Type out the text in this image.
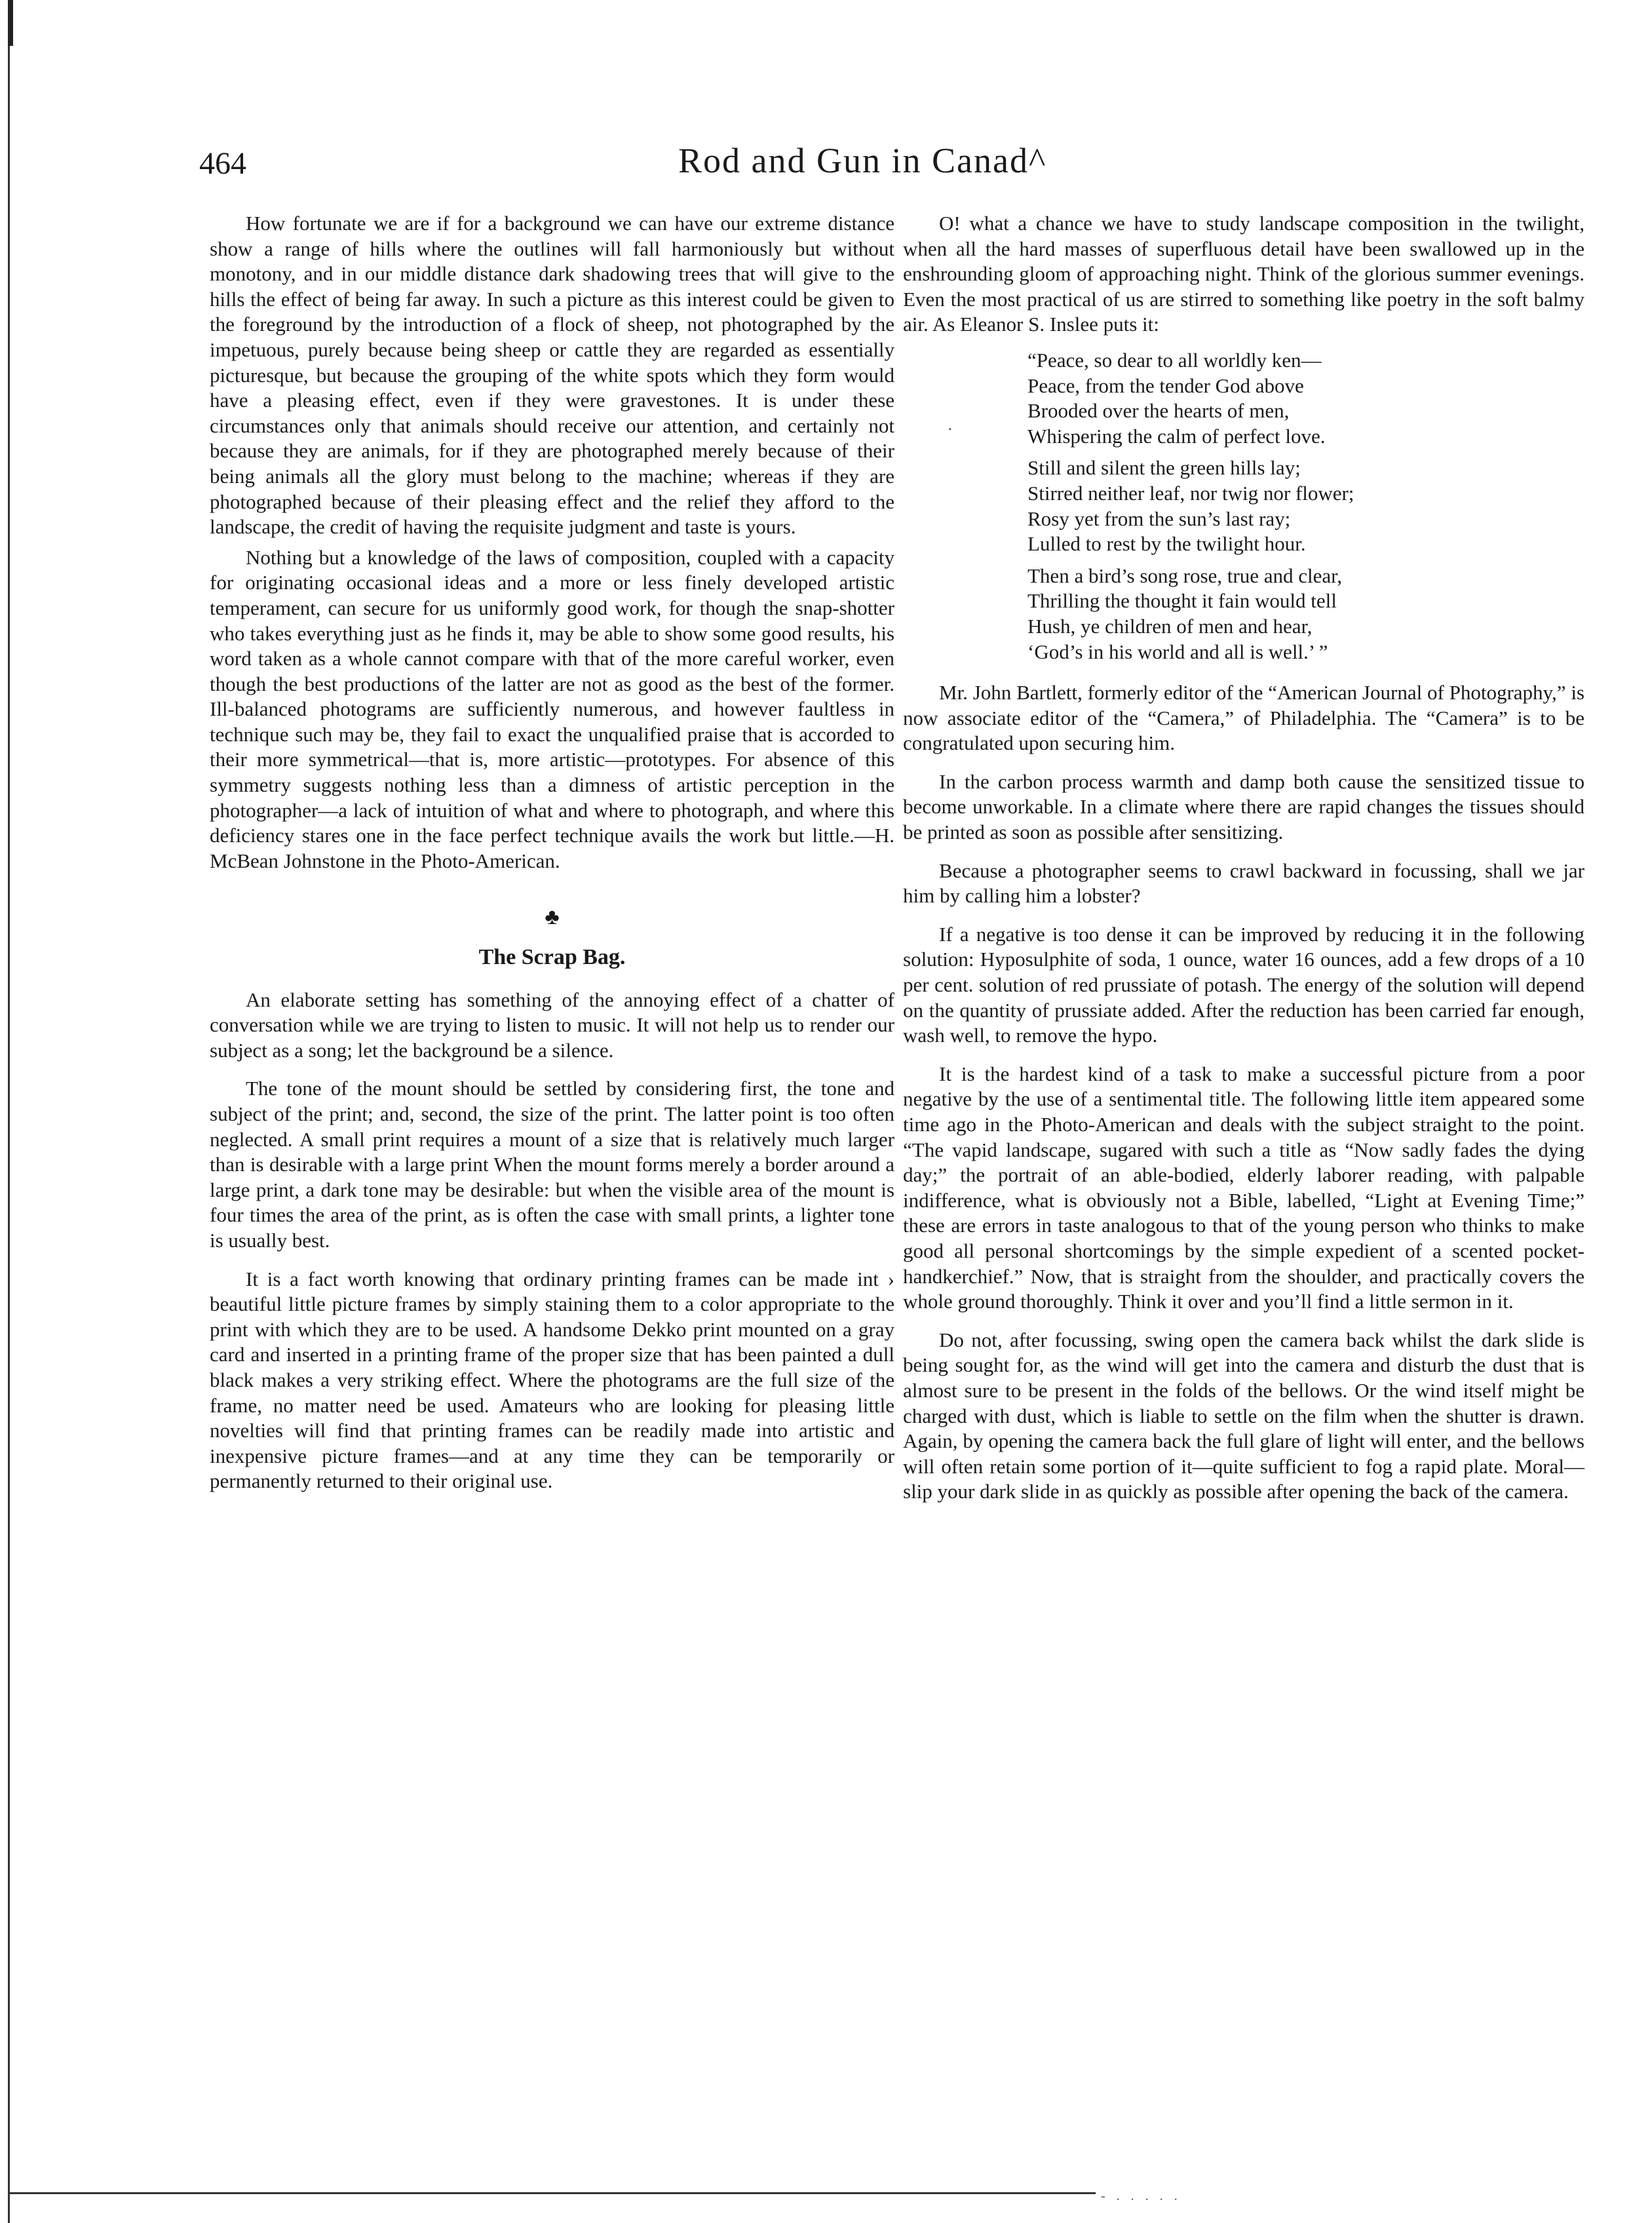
464	Rod and Gun in Canad^

How fortunate we are if for a background we can have our extreme distance show a range of hills where the outlines will fall harmoniously but without monotony, and in our middle distance dark shadowing trees that will give to the hills the effect of being far away. In such a picture as this interest could be given to the foreground by the introduction of a flock of sheep, not photographed by the impetuous, purely because being sheep or cattle they are regarded as essentially picturesque, but because the grouping of the white spots which they form would have a pleasing effect, even if they were gravestones. It is under these circumstances only that animals should receive our attention, and certainly not because they are animals, for if they are photographed merely because of their being animals all the glory must belong to the machine; whereas if they are photographed because of their pleasing effect and the relief they afford to the landscape, the credit of having the requisite judgment and taste is yours.

Nothing but a knowledge of the laws of composition, coupled with a capacity for originating occasional ideas and a more or less finely developed artistic temperament, can secure for us uniformly good work, for though the snap-shotter who takes everything just as he finds it, may be able to show some good results, his word taken as a whole cannot compare with that of the more careful worker, even though the best productions of the latter are not as good as the best of the former. Ill-balanced photograms are sufficiently numerous, and however faultless in technique such may be, they fail to exact the unqualified praise that is accorded to their more symmetrical—that is, more artistic—prototypes. For absence of this symmetry suggests nothing less than a dimness of artistic perception in the photographer—a lack of intuition of what and where to photograph, and where this deficiency stares one in the face perfect technique avails the work but little.—H. McBean Johnstone in the Photo-American.

♣
The Scrap Bag.

An elaborate setting has something of the annoying effect of a chatter of conversation while we are trying to listen to music. It will not help us to render our subject as a song; let the background be a silence.

The tone of the mount should be settled by considering first, the tone and subject of the print; and, second, the size of the print. The latter point is too often neglected. A small print requires a mount of a size that is relatively much larger than is desirable with a large print When the mount forms merely a border around a large print, a dark tone may be desirable: but when the visible area of the mount is four times the area of the print, as is often the case with small prints, a lighter tone is usually best.

It is a fact worth knowing that ordinary printing frames can be made int › beautiful little picture frames by simply staining them to a color appropriate to the print with which they are to be used. A handsome Dekko print mounted on a gray card and inserted in a printing frame of the proper size that has been painted a dull black makes a very striking effect. Where the photograms are the full size of the frame, no matter need be used. Amateurs who are looking for pleasing little novelties will find that printing frames can be readily made into artistic and inexpensive picture frames—and at any time they can be temporarily or permanently returned to their original use.

·

O! what a chance we have to study landscape composition in the twilight, when all the hard masses of superfluous detail have been swallowed up in the enshrounding gloom of approaching night. Think of the glorious summer evenings. Even the most practical of us are stirred to something like poetry in the soft balmy air. As Eleanor S. Inslee puts it:

“Peace, so dear to all worldly ken—
Peace, from the tender God above
Brooded over the hearts of men,
Whispering the calm of perfect love.
Still and silent the green hills lay;
Stirred neither leaf, nor twig nor flower;
Rosy yet from the sun’s last ray;
Lulled to rest by the twilight hour.
Then a bird’s song rose, true and clear,
Thrilling the thought it fain would tell
Hush, ye children of men and hear,
‘God’s in his world and all is well.’ ”

Mr. John Bartlett, formerly editor of the “American Journal of Photography,” is now associate editor of the “Camera,” of Philadelphia. The “Camera” is to be congratulated upon securing him.

In the carbon process warmth and damp both cause the sensitized tissue to become unworkable. In a climate where there are rapid changes the tissues should be printed as soon as possible after sensitizing.

Because a photographer seems to crawl backward in focussing, shall we jar him by calling him a lobster?

If a negative is too dense it can be improved by reducing it in the following solution: Hyposulphite of soda, 1 ounce, water 16 ounces, add a few drops of a 10 per cent. solution of red prussiate of potash. The energy of the solution will depend on the quantity of prussiate added. After the reduction has been carried far enough, wash well, to remove the hypo.

It is the hardest kind of a task to make a successful picture from a poor negative by the use of a sentimental title. The following little item appeared some time ago in the Photo-American and deals with the subject straight to the point. “The vapid landscape, sugared with such a title as “Now sadly fades the dying day;” the portrait of an able-bodied, elderly laborer reading, with palpable indifference, what is obviously not a Bible, labelled, “Light at Evening Time;” these are errors in taste analogous to that of the young person who thinks to make good all personal shortcomings by the simple expedient of a scented pocket-handkerchief.” Now, that is straight from the shoulder, and practically covers the whole ground thoroughly. Think it over and you’ll find a little sermon in it.

Do not, after focussing, swing open the camera back whilst the dark slide is being sought for, as the wind will get into the camera and disturb the dust that is almost sure to be present in the folds of the bellows. Or the wind itself might be charged with dust, which is liable to settle on the film when the shutter is drawn. Again, by opening the camera back the full glare of light will enter, and the bellows will often retain some portion of it—quite sufficient to fog a rapid plate. Moral—slip your dark slide in as quickly as possible after opening the back of the camera.

- . . . . .
